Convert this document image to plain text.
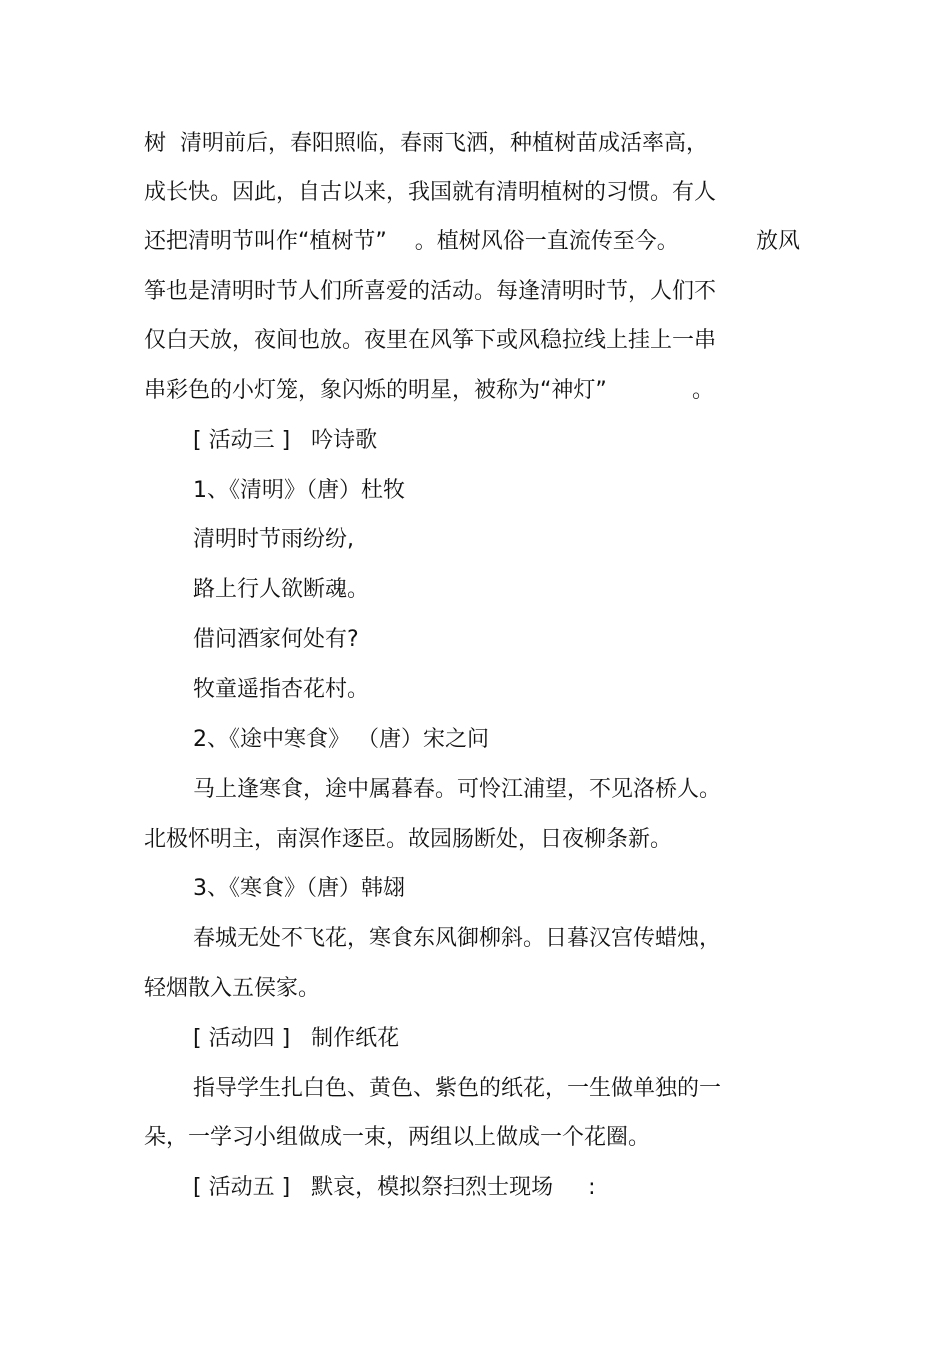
树  清明前后，春阳照临，春雨飞洒，种植树苗成活率高，

成长快。因此，自古以来，我国就有清明植树的习惯。有人

还把清明节叫作“植树节”    。植树风俗一直流传至今。	放风

筝也是清明时节人们所喜爱的活动。每逢清明时节，人们不

仅白天放，夜间也放。夜里在风筝下或风稳拉线上挂上一串

串彩色的小灯笼，象闪烁的明星，被称为“神灯”	。

[ 活动三 ]   吟诗歌

1、《清明》（唐）杜牧

清明时节雨纷纷,

路上行人欲断魂。

借问酒家何处有?

牧童遥指杏花村。

2、《途中寒食》 （唐）宋之问

马上逢寒食，途中属暮春。可怜江浦望，不见洛桥人。

北极怀明主，南溟作逐臣。故园肠断处，日夜柳条新。

3、《寒食》（唐）韩翃

春城无处不飞花，寒食东风御柳斜。日暮汉宫传蜡烛，

轻烟散入五侯家。

[ 活动四 ]   制作纸花

指导学生扎白色、黄色、紫色的纸花，一生做单独的一

朵，一学习小组做成一束，两组以上做成一个花圈。

[ 活动五 ]   默哀，模拟祭扫烈士现场     :
